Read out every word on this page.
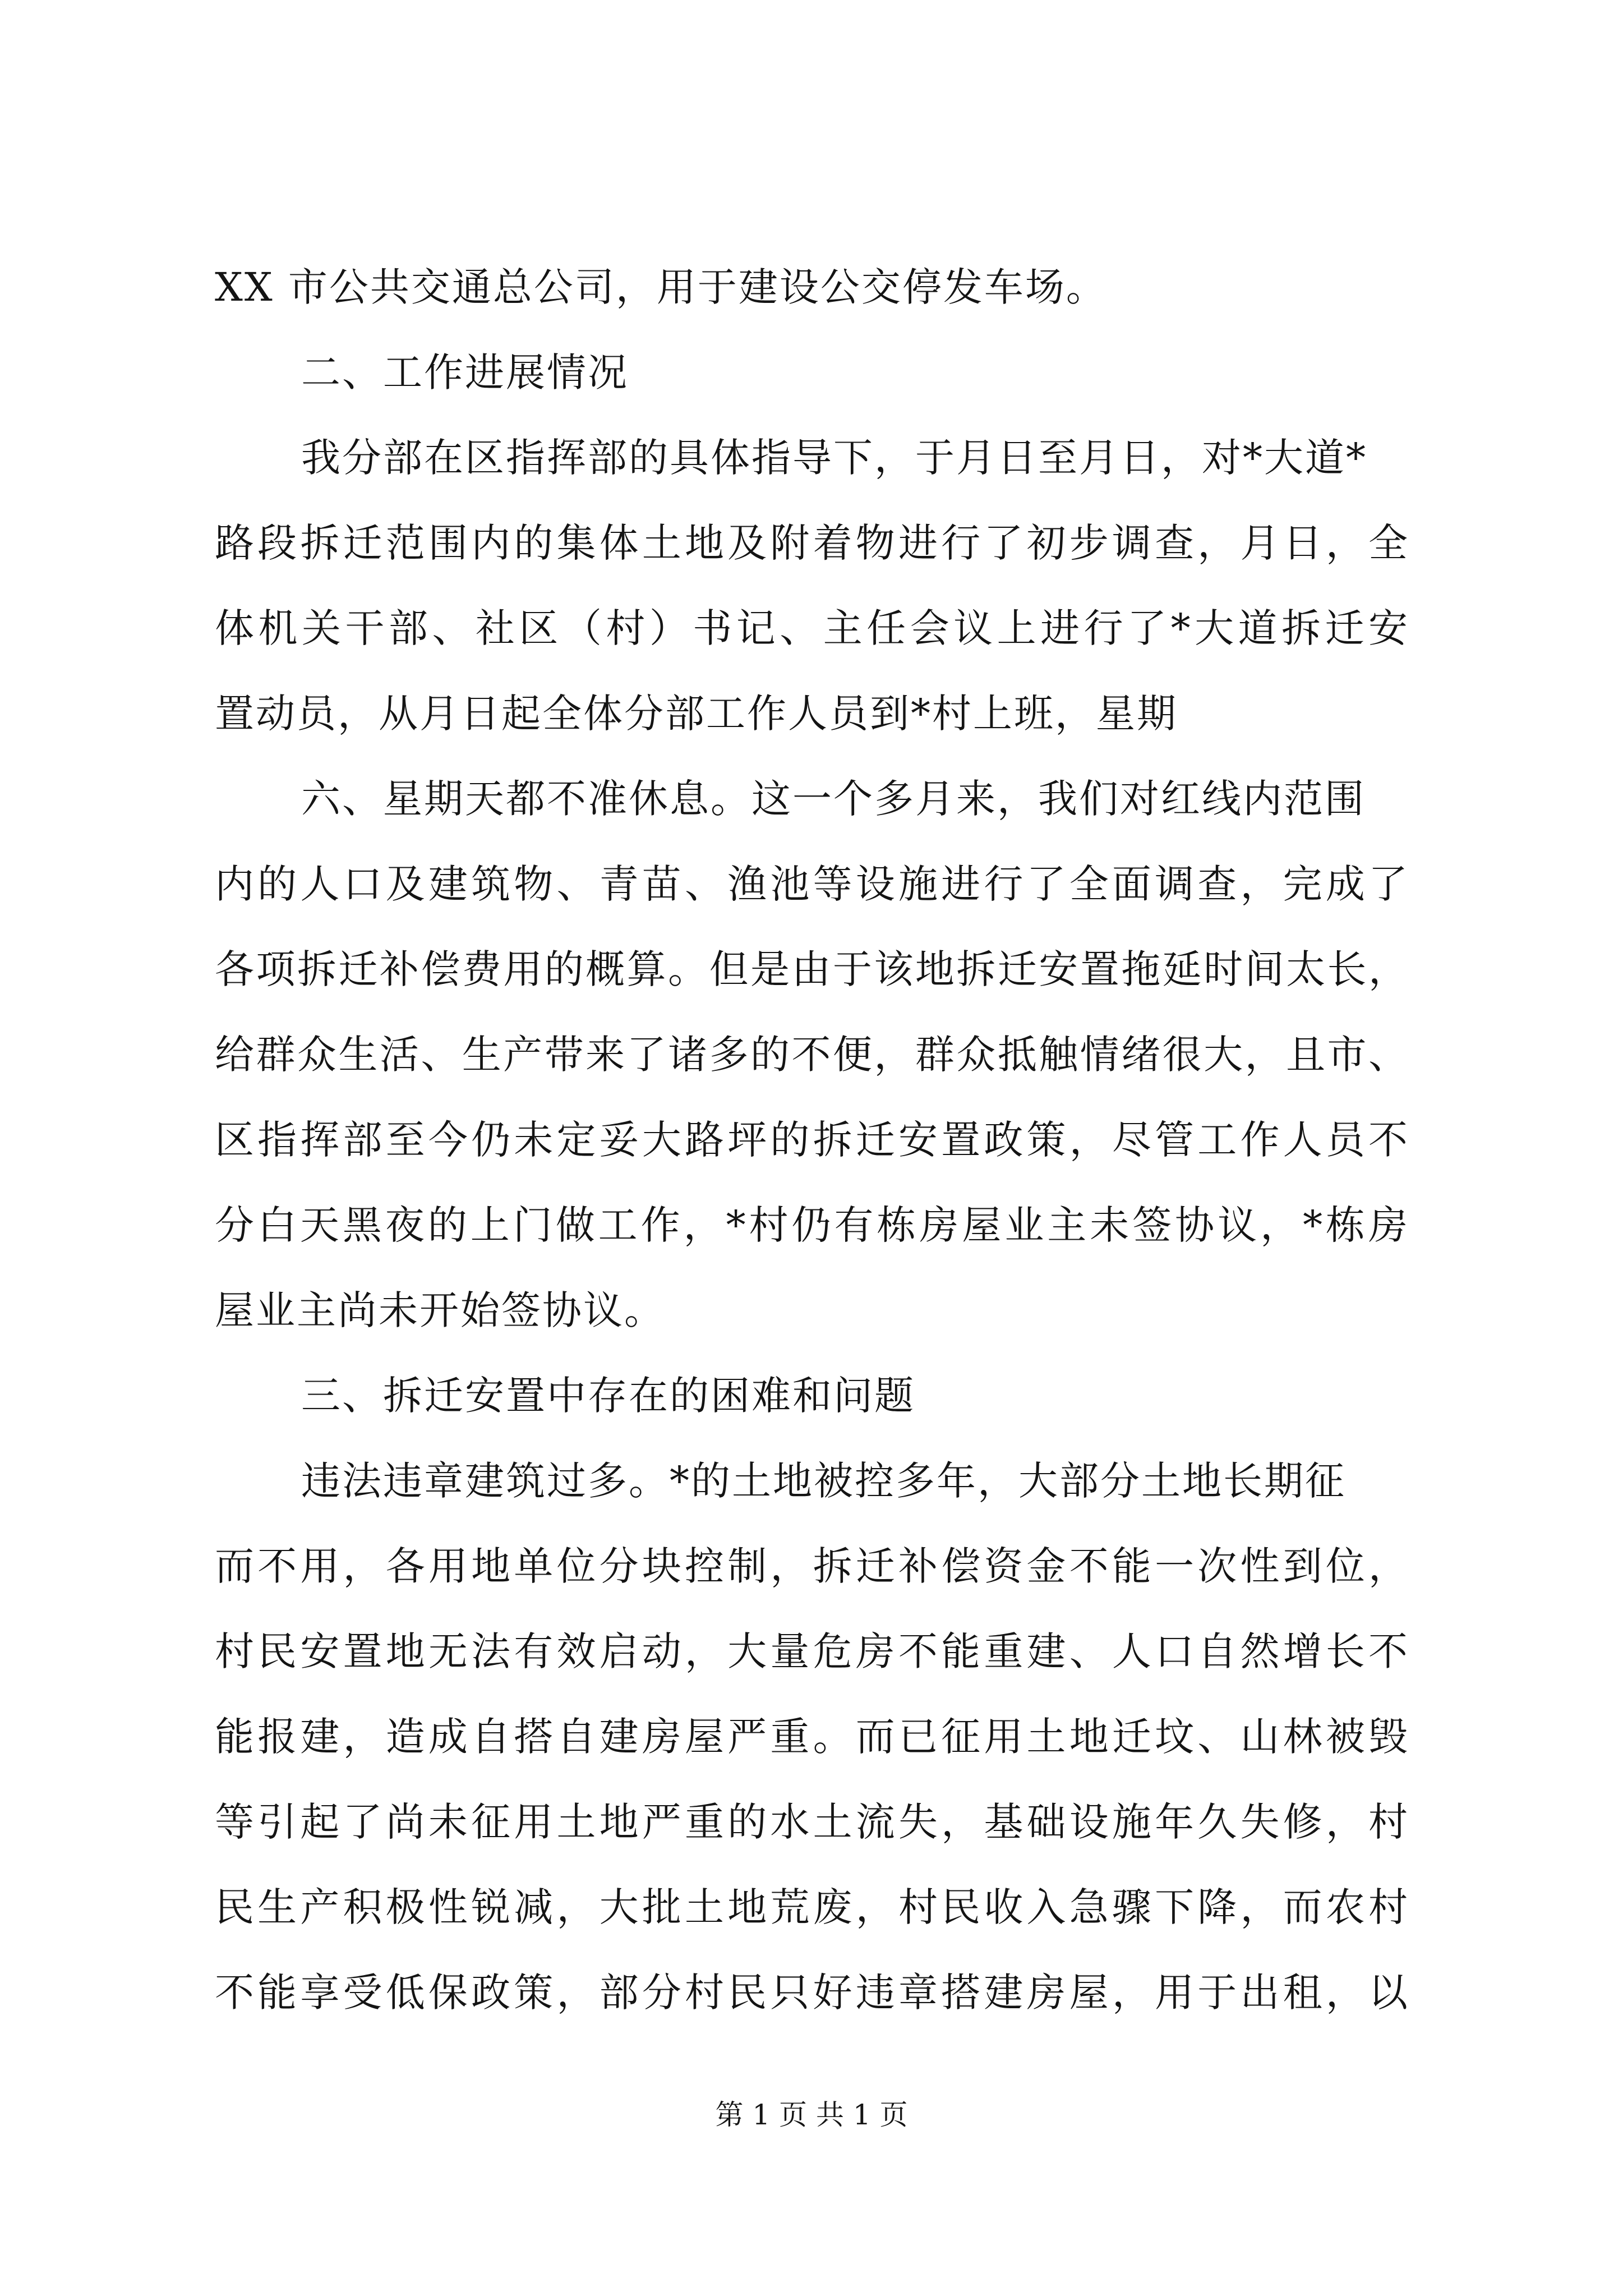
XX 市公共交通总公司，用于建设公交停发车场。
二、工作进展情况
我分部在区指挥部的具体指导下，于月日至月日，对*大道*
路段拆迁范围内的集体土地及附着物进行了初步调查，月日，全
体机关干部、社区（村）书记、主任会议上进行了*大道拆迁安
置动员，从月日起全体分部工作人员到*村上班，星期
六、星期天都不准休息。这一个多月来，我们对红线内范围
内的人口及建筑物、青苗、渔池等设施进行了全面调查，完成了
各项拆迁补偿费用的概算。但是由于该地拆迁安置拖延时间太长，
给群众生活、生产带来了诸多的不便，群众抵触情绪很大，且市、
区指挥部至今仍未定妥大路坪的拆迁安置政策，尽管工作人员不
分白天黑夜的上门做工作，*村仍有栋房屋业主未签协议，*栋房
屋业主尚未开始签协议。
三、拆迁安置中存在的困难和问题
违法违章建筑过多。*的土地被控多年，大部分土地长期征
而不用，各用地单位分块控制，拆迁补偿资金不能一次性到位，
村民安置地无法有效启动，大量危房不能重建、人口自然增长不
能报建，造成自搭自建房屋严重。而已征用土地迁坟、山林被毁
等引起了尚未征用土地严重的水土流失，基础设施年久失修，村
民生产积极性锐减，大批土地荒废，村民收入急骤下降，而农村
不能享受低保政策，部分村民只好违章搭建房屋，用于出租，以
第 1 页 共 1 页
